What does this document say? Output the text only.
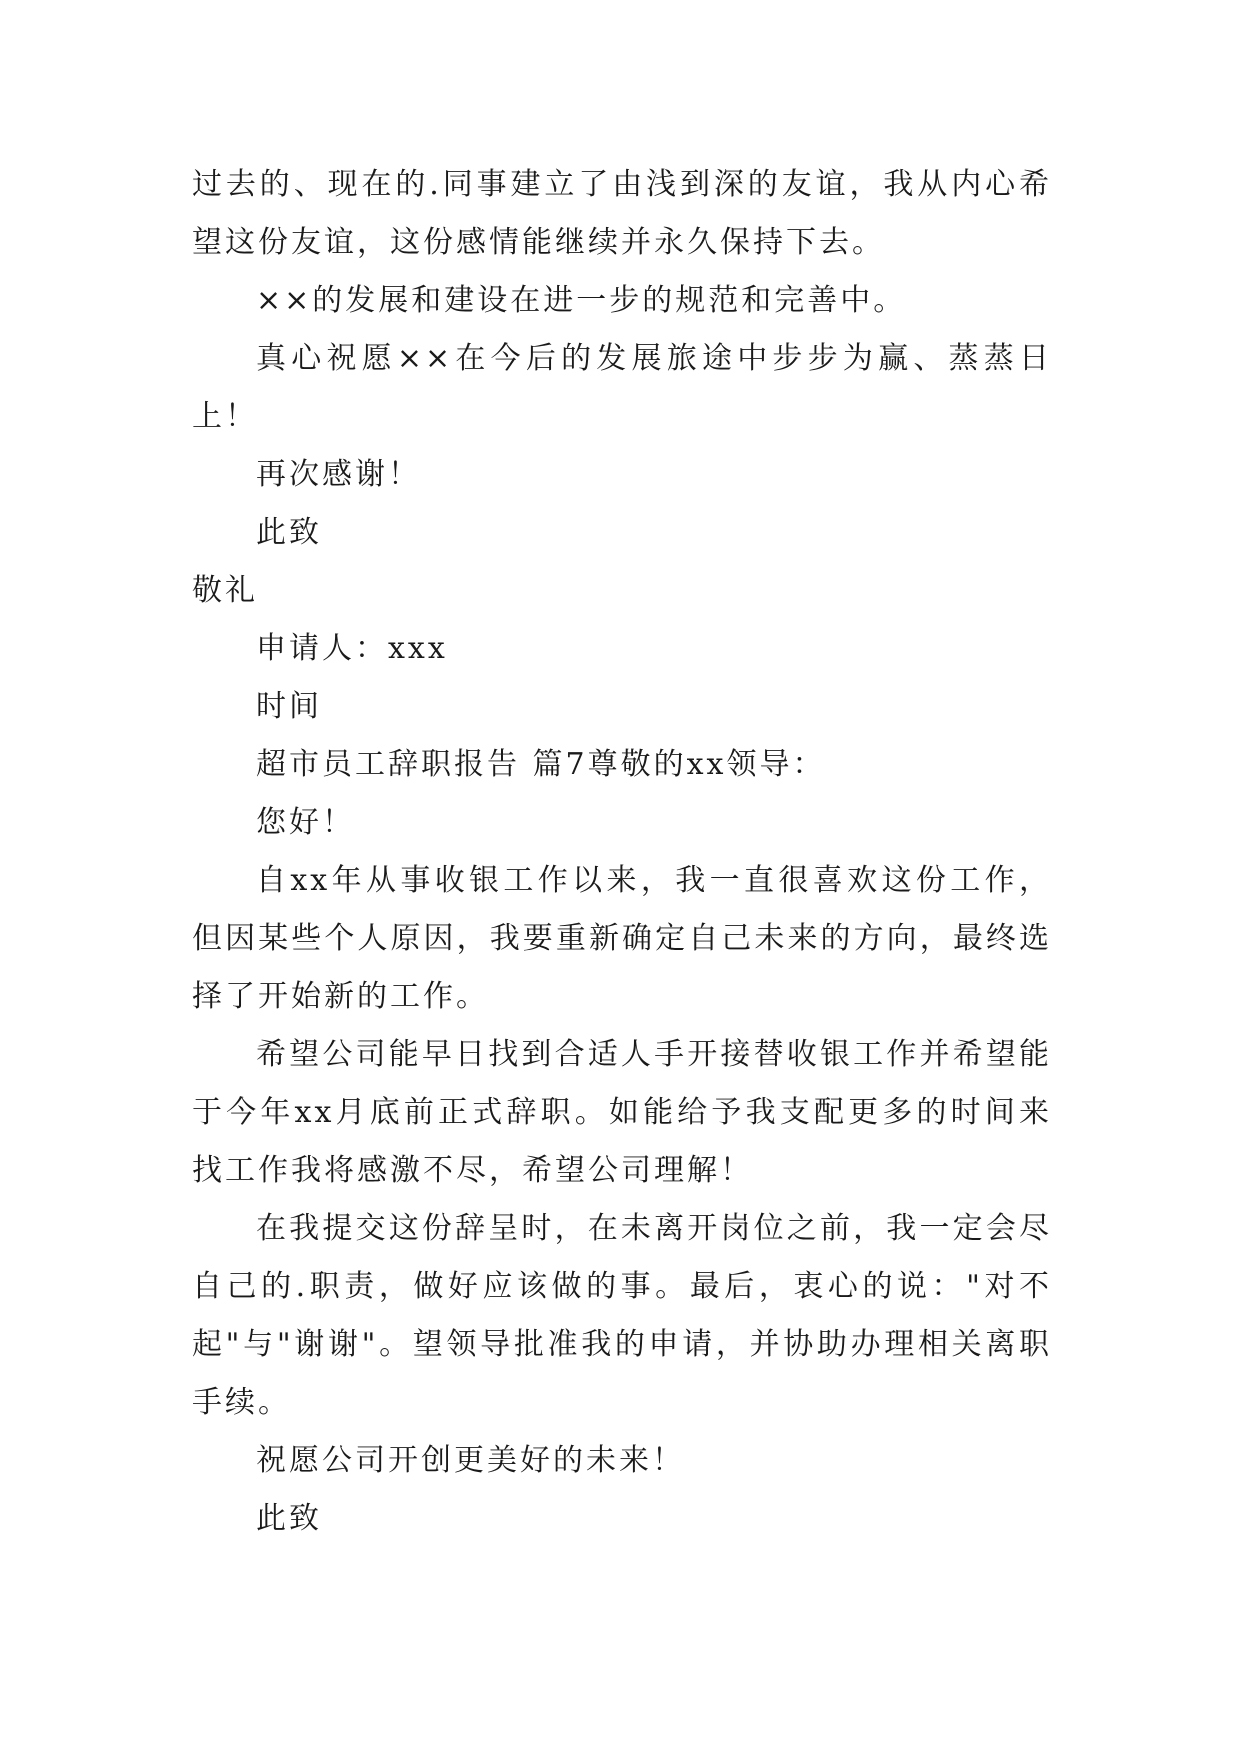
过去的、现在的.同事建立了由浅到深的友谊，我从内心希望这份友谊，这份感情能继续并永久保持下去。

××的发展和建设在进一步的规范和完善中。

真心祝愿××在今后的发展旅途中步步为赢、蒸蒸日上！

再次感谢！

此致

敬礼

申请人：xxx

时间

超市员工辞职报告 篇7尊敬的xx领导：

您好！

自xx年从事收银工作以来，我一直很喜欢这份工作，但因某些个人原因，我要重新确定自己未来的方向，最终选择了开始新的工作。

希望公司能早日找到合适人手开接替收银工作并希望能于今年xx月底前正式辞职。如能给予我支配更多的时间来找工作我将感激不尽，希望公司理解！

在我提交这份辞呈时，在未离开岗位之前，我一定会尽自己的.职责，做好应该做的事。最后，衷心的说："对不起"与"谢谢"。望领导批准我的申请，并协助办理相关离职手续。

祝愿公司开创更美好的未来！

此致
